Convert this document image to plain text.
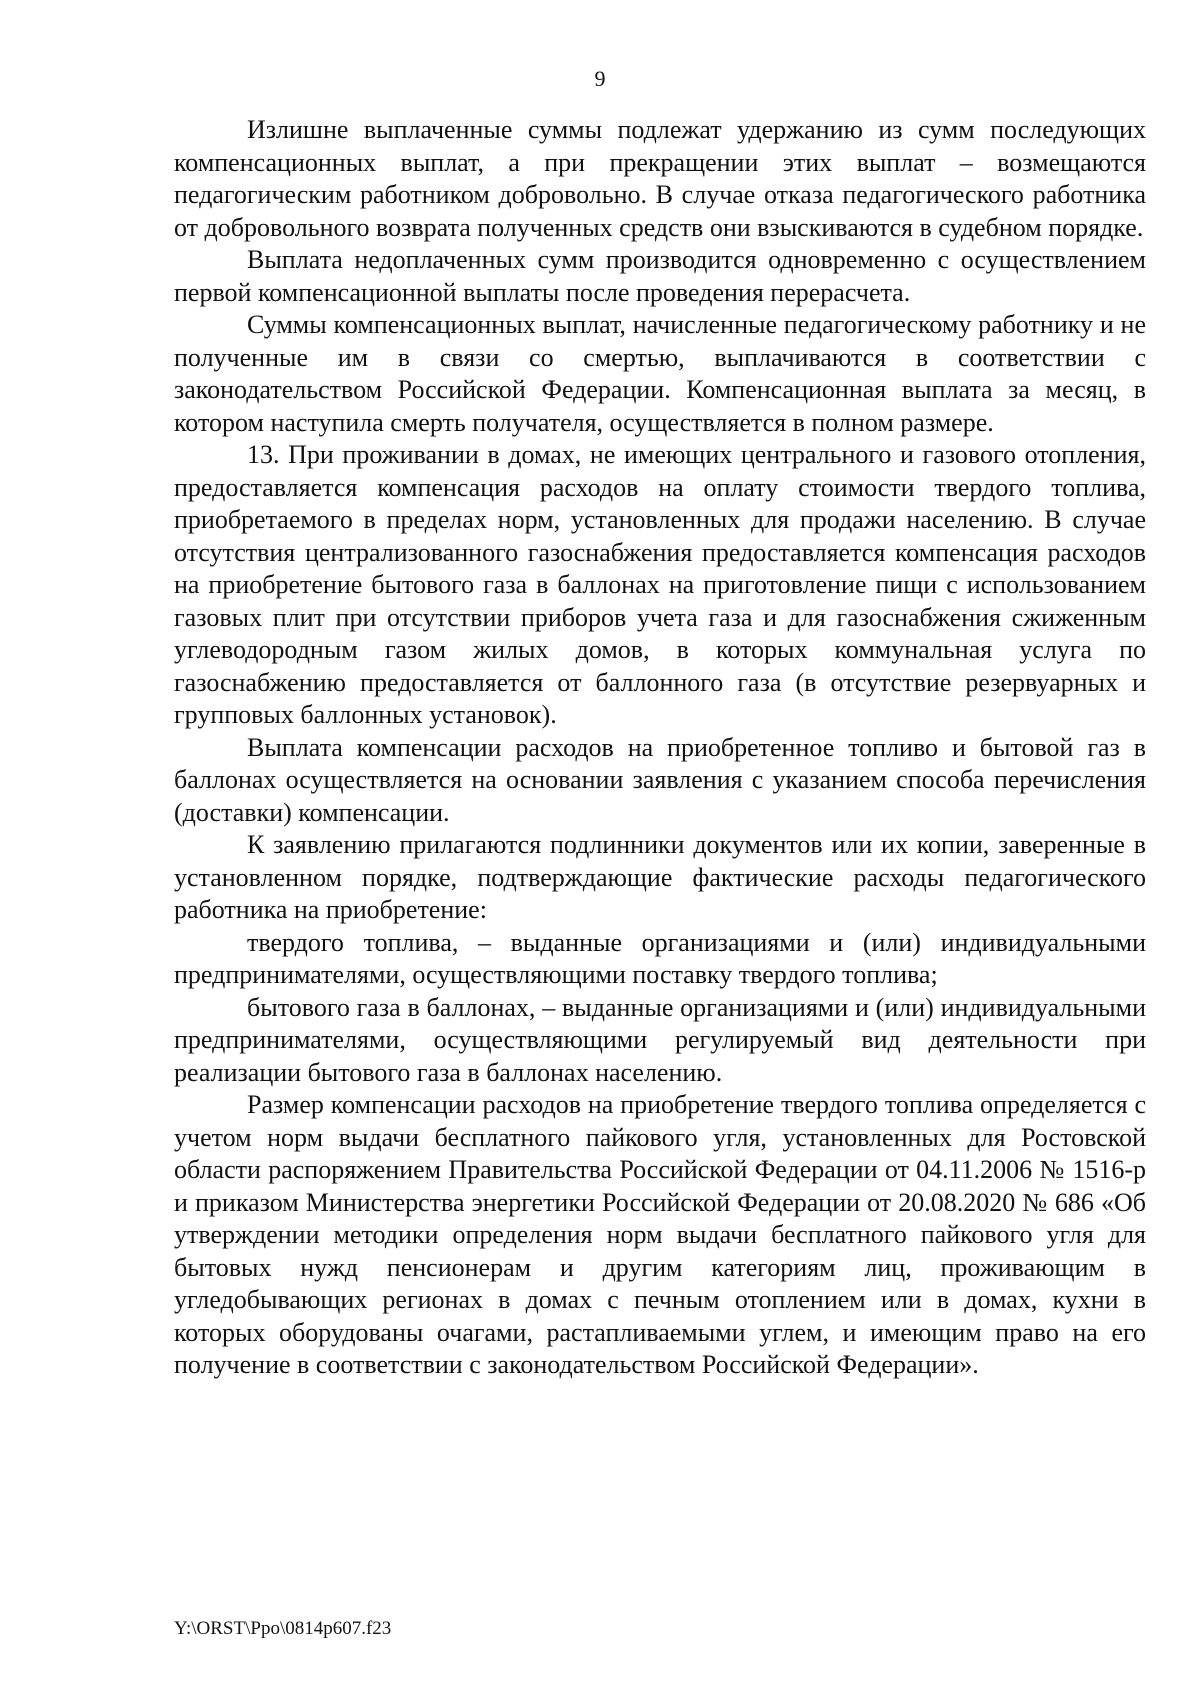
9

Излишне выплаченные суммы подлежат удержанию из сумм последующих компенсационных выплат, а при прекращении этих выплат – возмещаются педагогическим работником добровольно. В случае отказа педагогического работника от добровольного возврата полученных средств они взыскиваются в судебном порядке.

Выплата недоплаченных сумм производится одновременно с осуществлением первой компенсационной выплаты после проведения перерасчета.

Суммы компенсационных выплат, начисленные педагогическому работнику и не полученные им в связи со смертью, выплачиваются в соответствии с законодательством Российской Федерации. Компенсационная выплата за месяц, в котором наступила смерть получателя, осуществляется в полном размере.

13. При проживании в домах, не имеющих центрального и газового отопления, предоставляется компенсация расходов на оплату стоимости твердого топлива, приобретаемого в пределах норм, установленных для продажи населению. В случае отсутствия централизованного газоснабжения предоставляется компенсация расходов на приобретение бытового газа в баллонах на приготовление пищи с использованием газовых плит при отсутствии приборов учета газа и для газоснабжения сжиженным углеводородным газом жилых домов, в которых коммунальная услуга по газоснабжению предоставляется от баллонного газа (в отсутствие резервуарных и групповых баллонных установок).

Выплата компенсации расходов на приобретенное топливо и бытовой газ в баллонах осуществляется на основании заявления с указанием способа перечисления (доставки) компенсации.

К заявлению прилагаются подлинники документов или их копии, заверенные в установленном порядке, подтверждающие фактические расходы педагогического работника на приобретение:

твердого топлива, – выданные организациями и (или) индивидуальными предпринимателями, осуществляющими поставку твердого топлива;

бытового газа в баллонах, – выданные организациями и (или) индивидуальными предпринимателями, осуществляющими регулируемый вид деятельности при реализации бытового газа в баллонах населению.

Размер компенсации расходов на приобретение твердого топлива определяется с учетом норм выдачи бесплатного пайкового угля, установленных для Ростовской области распоряжением Правительства Российской Федерации от 04.11.2006 № 1516-р и приказом Министерства энергетики Российской Федерации от 20.08.2020 № 686 «Об утверждении методики определения норм выдачи бесплатного пайкового угля для бытовых нужд пенсионерам и другим категориям лиц, проживающим в угледобывающих регионах в домах с печным отоплением или в домах, кухни в которых оборудованы очагами, растапливаемыми углем, и имеющим право на его получение в соответствии с законодательством Российской Федерации».

Y:\ORST\Ppo\0814p607.f23
